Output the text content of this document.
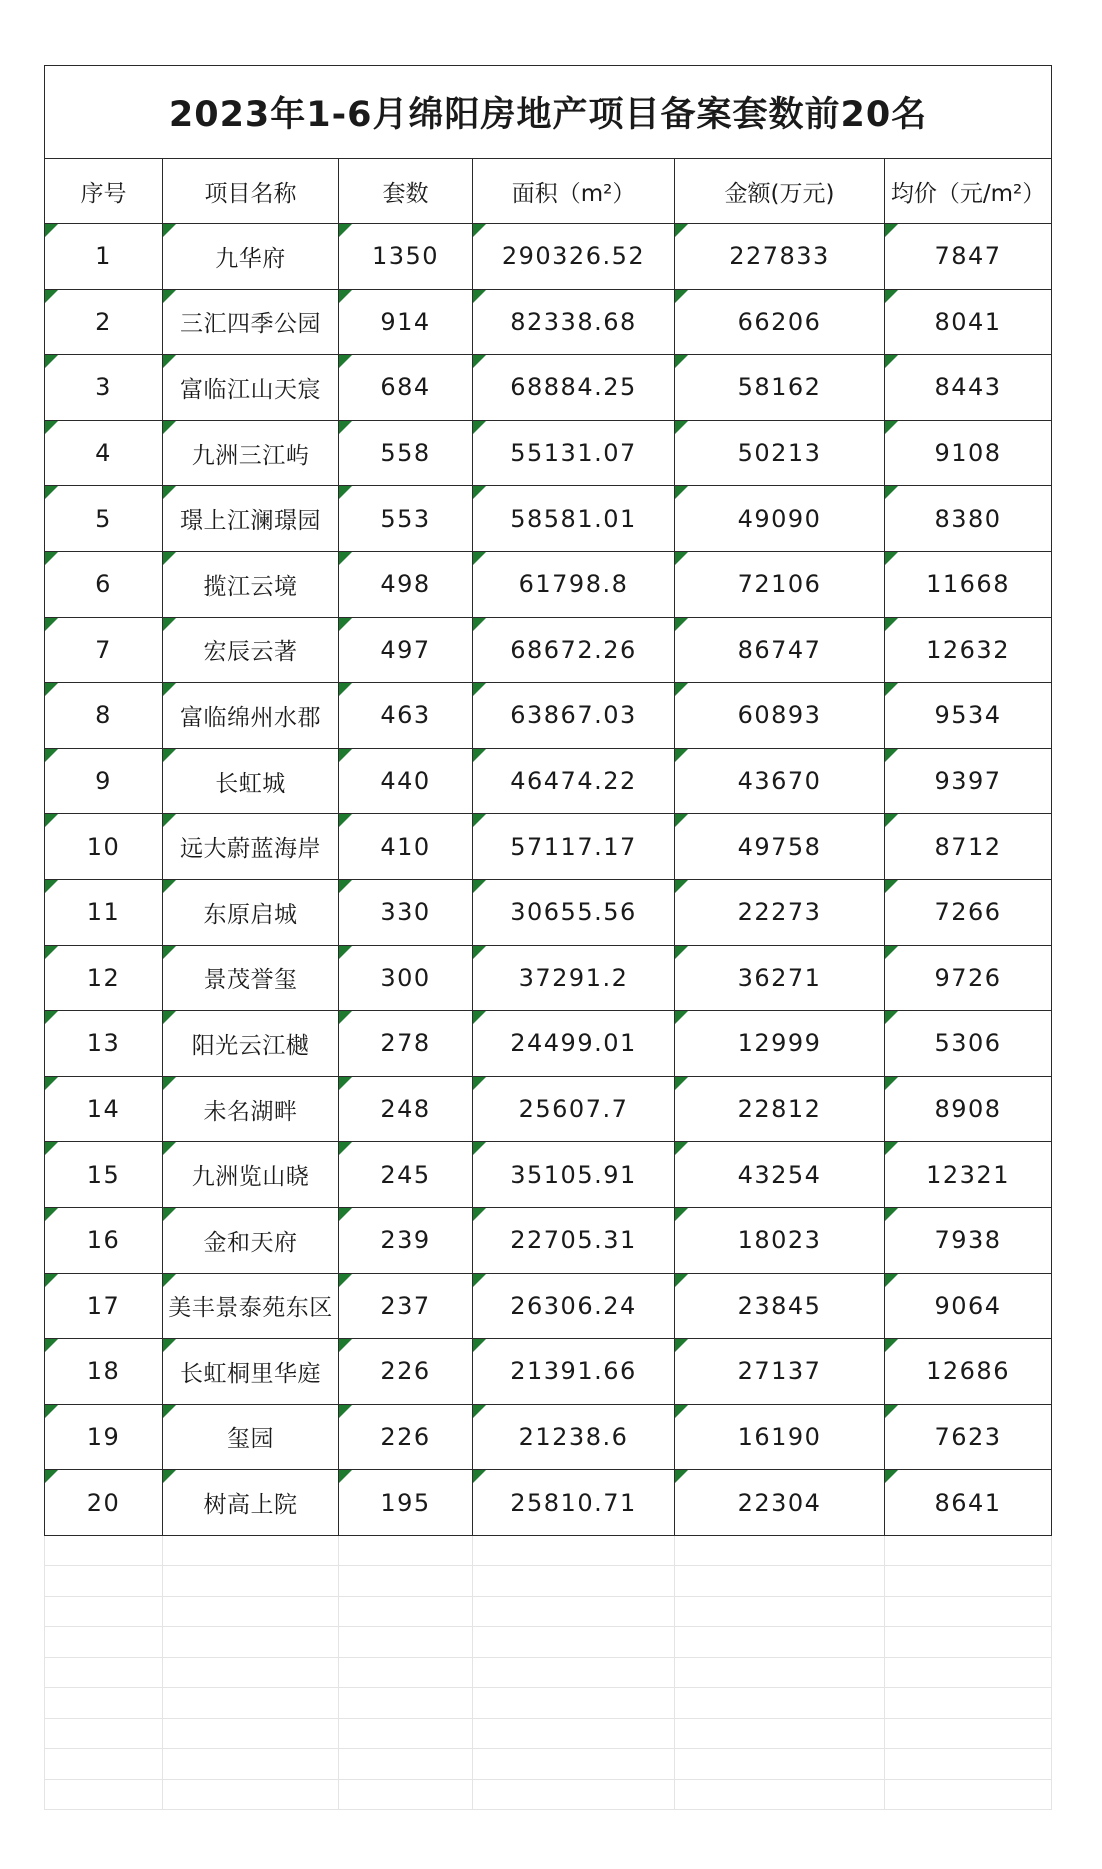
2023年1-6月绵阳房地产项目备案套数前20名					
序号	项目名称	套数	面积（m²）	金额(万元)	均价（元/m²）
1	九华府	1350	290326.52	227833	7847
2	三汇四季公园	914	82338.68	66206	8041
3	富临江山天宸	684	68884.25	58162	8443
4	九洲三江屿	558	55131.07	50213	9108
5	璟上江澜璟园	553	58581.01	49090	8380
6	揽江云境	498	61798.8	72106	11668
7	宏辰云著	497	68672.26	86747	12632
8	富临绵州水郡	463	63867.03	60893	9534
9	长虹城	440	46474.22	43670	9397
10	远大蔚蓝海岸	410	57117.17	49758	8712
11	东原启城	330	30655.56	22273	7266
12	景茂誉玺	300	37291.2	36271	9726
13	阳光云江樾	278	24499.01	12999	5306
14	未名湖畔	248	25607.7	22812	8908
15	九洲览山晓	245	35105.91	43254	12321
16	金和天府	239	22705.31	18023	7938
17	美丰景泰苑东区	237	26306.24	23845	9064
18	长虹桐里华庭	226	21391.66	27137	12686
19	玺园	226	21238.6	16190	7623
20	树高上院	195	25810.71	22304	8641
